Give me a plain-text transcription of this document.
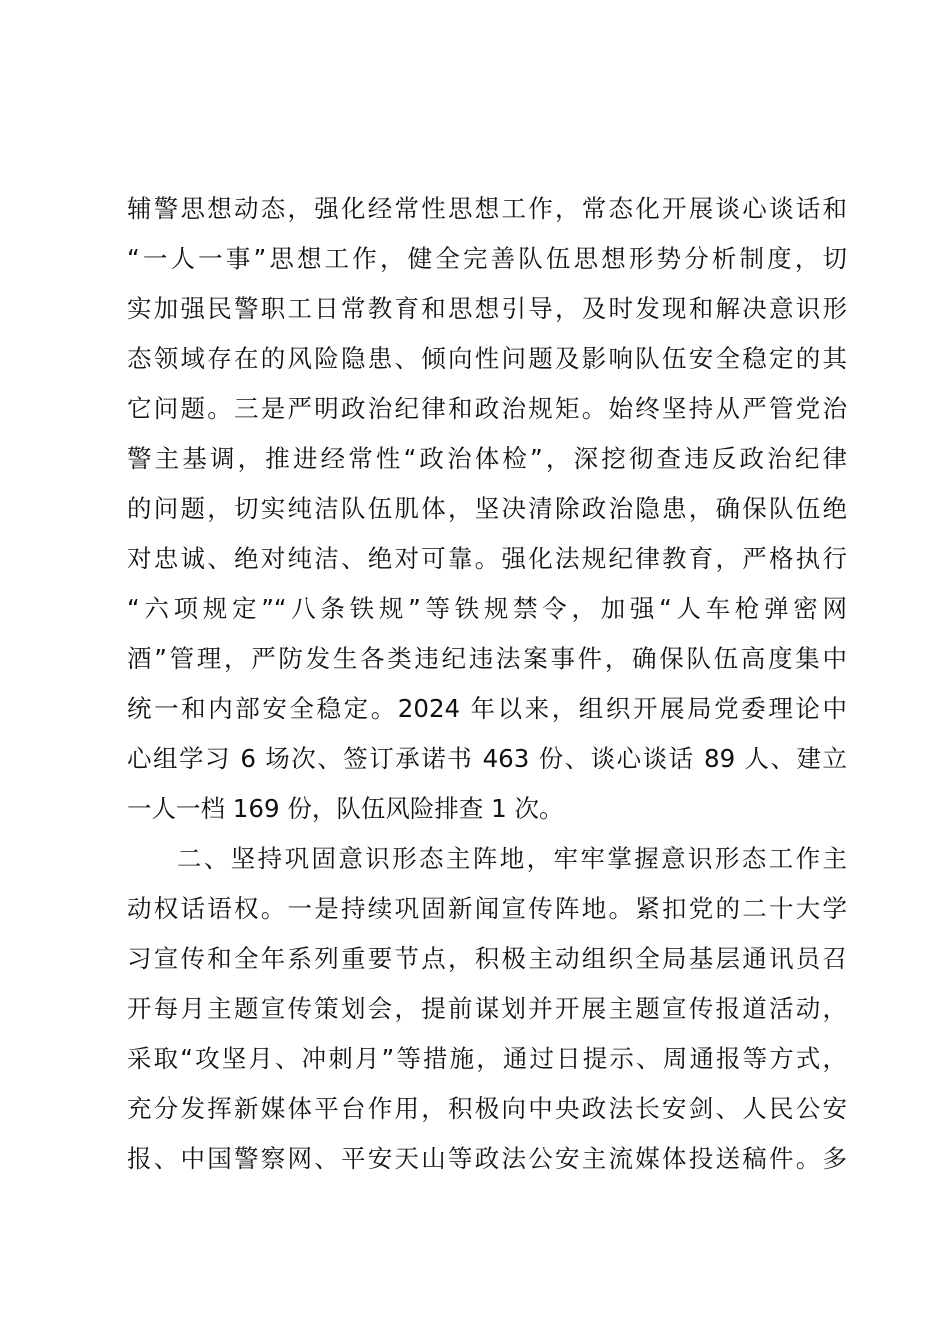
辅警思想动态，强化经常性思想工作，常态化开展谈心谈话和
“一人一事”思想工作，健全完善队伍思想形势分析制度，切
实加强民警职工日常教育和思想引导，及时发现和解决意识形
态领域存在的风险隐患、倾向性问题及影响队伍安全稳定的其
它问题。三是严明政治纪律和政治规矩。始终坚持从严管党治
警主基调，推进经常性“政治体检”，深挖彻查违反政治纪律
的问题，切实纯洁队伍肌体，坚决清除政治隐患，确保队伍绝
对忠诚、绝对纯洁、绝对可靠。强化法规纪律教育，严格执行
“六项规定”“八条铁规”等铁规禁令，加强“人车枪弹密网
酒”管理，严防发生各类违纪违法案事件，确保队伍高度集中
统一和内部安全稳定。2024 年以来，组织开展局党委理论中
心组学习 6 场次、签订承诺书 463 份、谈心谈话 89 人、建立
一人一档 169 份，队伍风险排查 1 次。
二、坚持巩固意识形态主阵地，牢牢掌握意识形态工作主
动权话语权。一是持续巩固新闻宣传阵地。紧扣党的二十大学
习宣传和全年系列重要节点，积极主动组织全局基层通讯员召
开每月主题宣传策划会，提前谋划并开展主题宣传报道活动，
采取“攻坚月、冲刺月”等措施，通过日提示、周通报等方式，
充分发挥新媒体平台作用，积极向中央政法长安剑、人民公安
报、中国警察网、平安天山等政法公安主流媒体投送稿件。多
